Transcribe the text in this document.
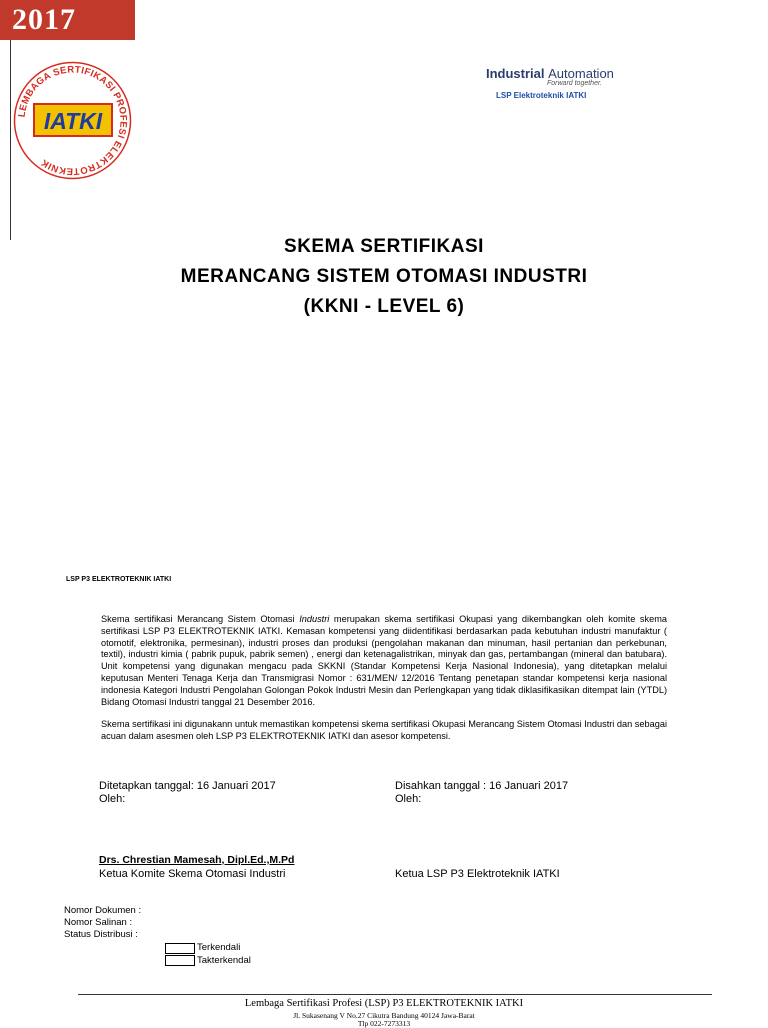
2017
LEMBAGA SERTIFIKASI PROFESI ELEKTROTEKNIK
IATKI
Industrial Automation
Forward together.
LSP Elektroteknik IATKI
SKEMA SERTIFIKASI
MERANCANG SISTEM OTOMASI INDUSTRI
(KKNI - LEVEL 6)
LSP P3 ELEKTROTEKNIK IATKI
Skema sertifikasi Merancang Sistem Otomasi Industri merupakan skema sertifikasi Okupasi yang dikembangkan oleh komite skema sertifikasi LSP P3 ELEKTROTEKNIK IATKI. Kemasan kompetensi yang diidentifikasi berdasarkan pada kebutuhan industri manufaktur ( otomotif, elektronika, permesinan), industri proses dan produksi (pengolahan makanan dan minuman, hasil pertanian dan perkebunan, textil), industri kimia ( pabrik pupuk, pabrik semen) , energi dan ketenagalistrikan, minyak dan gas, pertambangan (mineral dan batubara). Unit kompetensi yang digunakan mengacu pada SKKNI (Standar Kompetensi Kerja Nasional Indonesia), yang ditetapkan melalui keputusan Menteri Tenaga Kerja dan Transmigrasi Nomor : 631/MEN/ 12/2016 Tentang penetapan standar kompetensi kerja nasional indonesia Kategori Industri Pengolahan Golongan Pokok Industri Mesin dan Perlengkapan yang tidak diklasifikasikan ditempat lain (YTDL) Bidang Otomasi Industri tanggal 21 Desember 2016.
Skema sertifikasi ini digunakann untuk memastikan kompetensi skema sertifikasi Okupasi Merancang Sistem Otomasi Industri dan sebagai acuan dalam asesmen oleh LSP P3 ELEKTROTEKNIK IATKI dan asesor kompetensi.
Ditetapkan tanggal: 16 Januari 2017
Oleh:
Disahkan tanggal : 16 Januari 2017
Oleh:
Drs. Chrestian Mamesah, Dipl.Ed.,M.Pd
Ketua Komite Skema Otomasi Industri	Ketua LSP P3 Elektroteknik IATKI
Nomor Dokumen :
Nomor Salinan :
Status Distribusi :
Terkendali
Takterkendal
Lembaga Sertifikasi Profesi (LSP) P3 ELEKTROTEKNIK IATKI
Jl. Sukasenang V No.27 Cikutra Bandung 40124 Jawa-Barat
Tlp 022-7273313
